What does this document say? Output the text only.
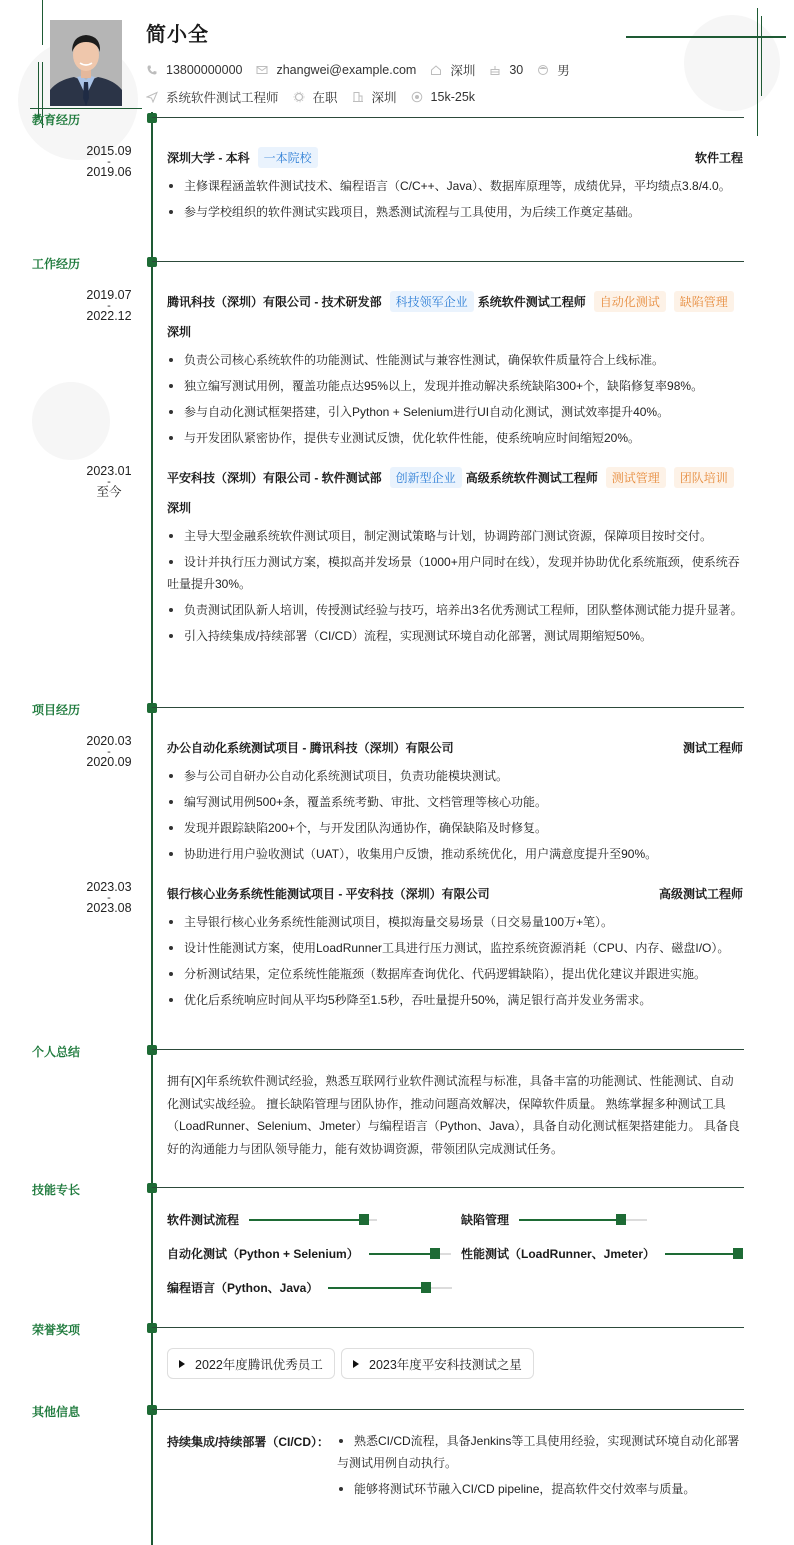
简小全
13800000000	zhangwei@example.com	深圳	30	男
系统软件测试工程师	在职	深圳	15k-25k
教育经历
2015.09
-
2019.06
深圳大学 - 本科	一本院校	软件工程
主修课程涵盖软件测试技术、编程语言（C/C++、Java）、数据库原理等，成绩优异，平均绩点3.8/4.0。
参与学校组织的软件测试实践项目，熟悉测试流程与工具使用，为后续工作奠定基础。
工作经历
2019.07
-
2022.12
腾讯科技（深圳）有限公司 - 技术研发部	科技领军企业 系统软件测试工程师	自动化测试	缺陷管理
深圳
负责公司核心系统软件的功能测试、性能测试与兼容性测试，确保软件质量符合上线标准。
独立编写测试用例，覆盖功能点达95%以上，发现并推动解决系统缺陷300+个，缺陷修复率98%。
参与自动化测试框架搭建，引入Python + Selenium进行UI自动化测试，测试效率提升40%。
与开发团队紧密协作，提供专业测试反馈，优化软件性能，使系统响应时间缩短20%。
2023.01
-
至今
平安科技（深圳）有限公司 - 软件测试部	创新型企业 高级系统软件测试工程师	测试管理	团队培训
深圳
主导大型金融系统软件测试项目，制定测试策略与计划，协调跨部门测试资源，保障项目按时交付。
设计并执行压力测试方案，模拟高并发场景（1000+用户同时在线），发现并协助优化系统瓶颈，使系统吞吐量提升30%。
负责测试团队新人培训，传授测试经验与技巧，培养出3名优秀测试工程师，团队整体测试能力提升显著。
引入持续集成/持续部署（CI/CD）流程，实现测试环境自动化部署，测试周期缩短50%。
项目经历
2020.03
-
2020.09
办公自动化系统测试项目 - 腾讯科技（深圳）有限公司	测试工程师
参与公司自研办公自动化系统测试项目，负责功能模块测试。
编写测试用例500+条，覆盖系统考勤、审批、文档管理等核心功能。
发现并跟踪缺陷200+个，与开发团队沟通协作，确保缺陷及时修复。
协助进行用户验收测试（UAT），收集用户反馈，推动系统优化，用户满意度提升至90%。
2023.03
-
2023.08
银行核心业务系统性能测试项目 - 平安科技（深圳）有限公司	高级测试工程师
主导银行核心业务系统性能测试项目，模拟海量交易场景（日交易量100万+笔）。
设计性能测试方案，使用LoadRunner工具进行压力测试，监控系统资源消耗（CPU、内存、磁盘I/O）。
分析测试结果，定位系统性能瓶颈（数据库查询优化、代码逻辑缺陷），提出优化建议并跟进实施。
优化后系统响应时间从平均5秒降至1.5秒，吞吐量提升50%，满足银行高并发业务需求。
个人总结
拥有[X]年系统软件测试经验，熟悉互联网行业软件测试流程与标准，具备丰富的功能测试、性能测试、自动化测试实战经验。 擅长缺陷管理与团队协作，推动问题高效解决，保障软件质量。 熟练掌握多种测试工具（LoadRunner、Selenium、Jmeter）与编程语言（Python、Java），具备自动化测试框架搭建能力。 具备良好的沟通能力与团队领导能力，能有效协调资源，带领团队完成测试任务。
技能专长
软件测试流程	缺陷管理
自动化测试（Python + Selenium）	性能测试（LoadRunner、Jmeter）
编程语言（Python、Java）
荣誉奖项
2022年度腾讯优秀员工	2023年度平安科技测试之星
其他信息
持续集成/持续部署（CI/CD）：	熟悉CI/CD流程，具备Jenkins等工具使用经验，实现测试环境自动化部署与测试用例自动执行。
能够将测试环节融入CI/CD pipeline，提高软件交付效率与质量。
